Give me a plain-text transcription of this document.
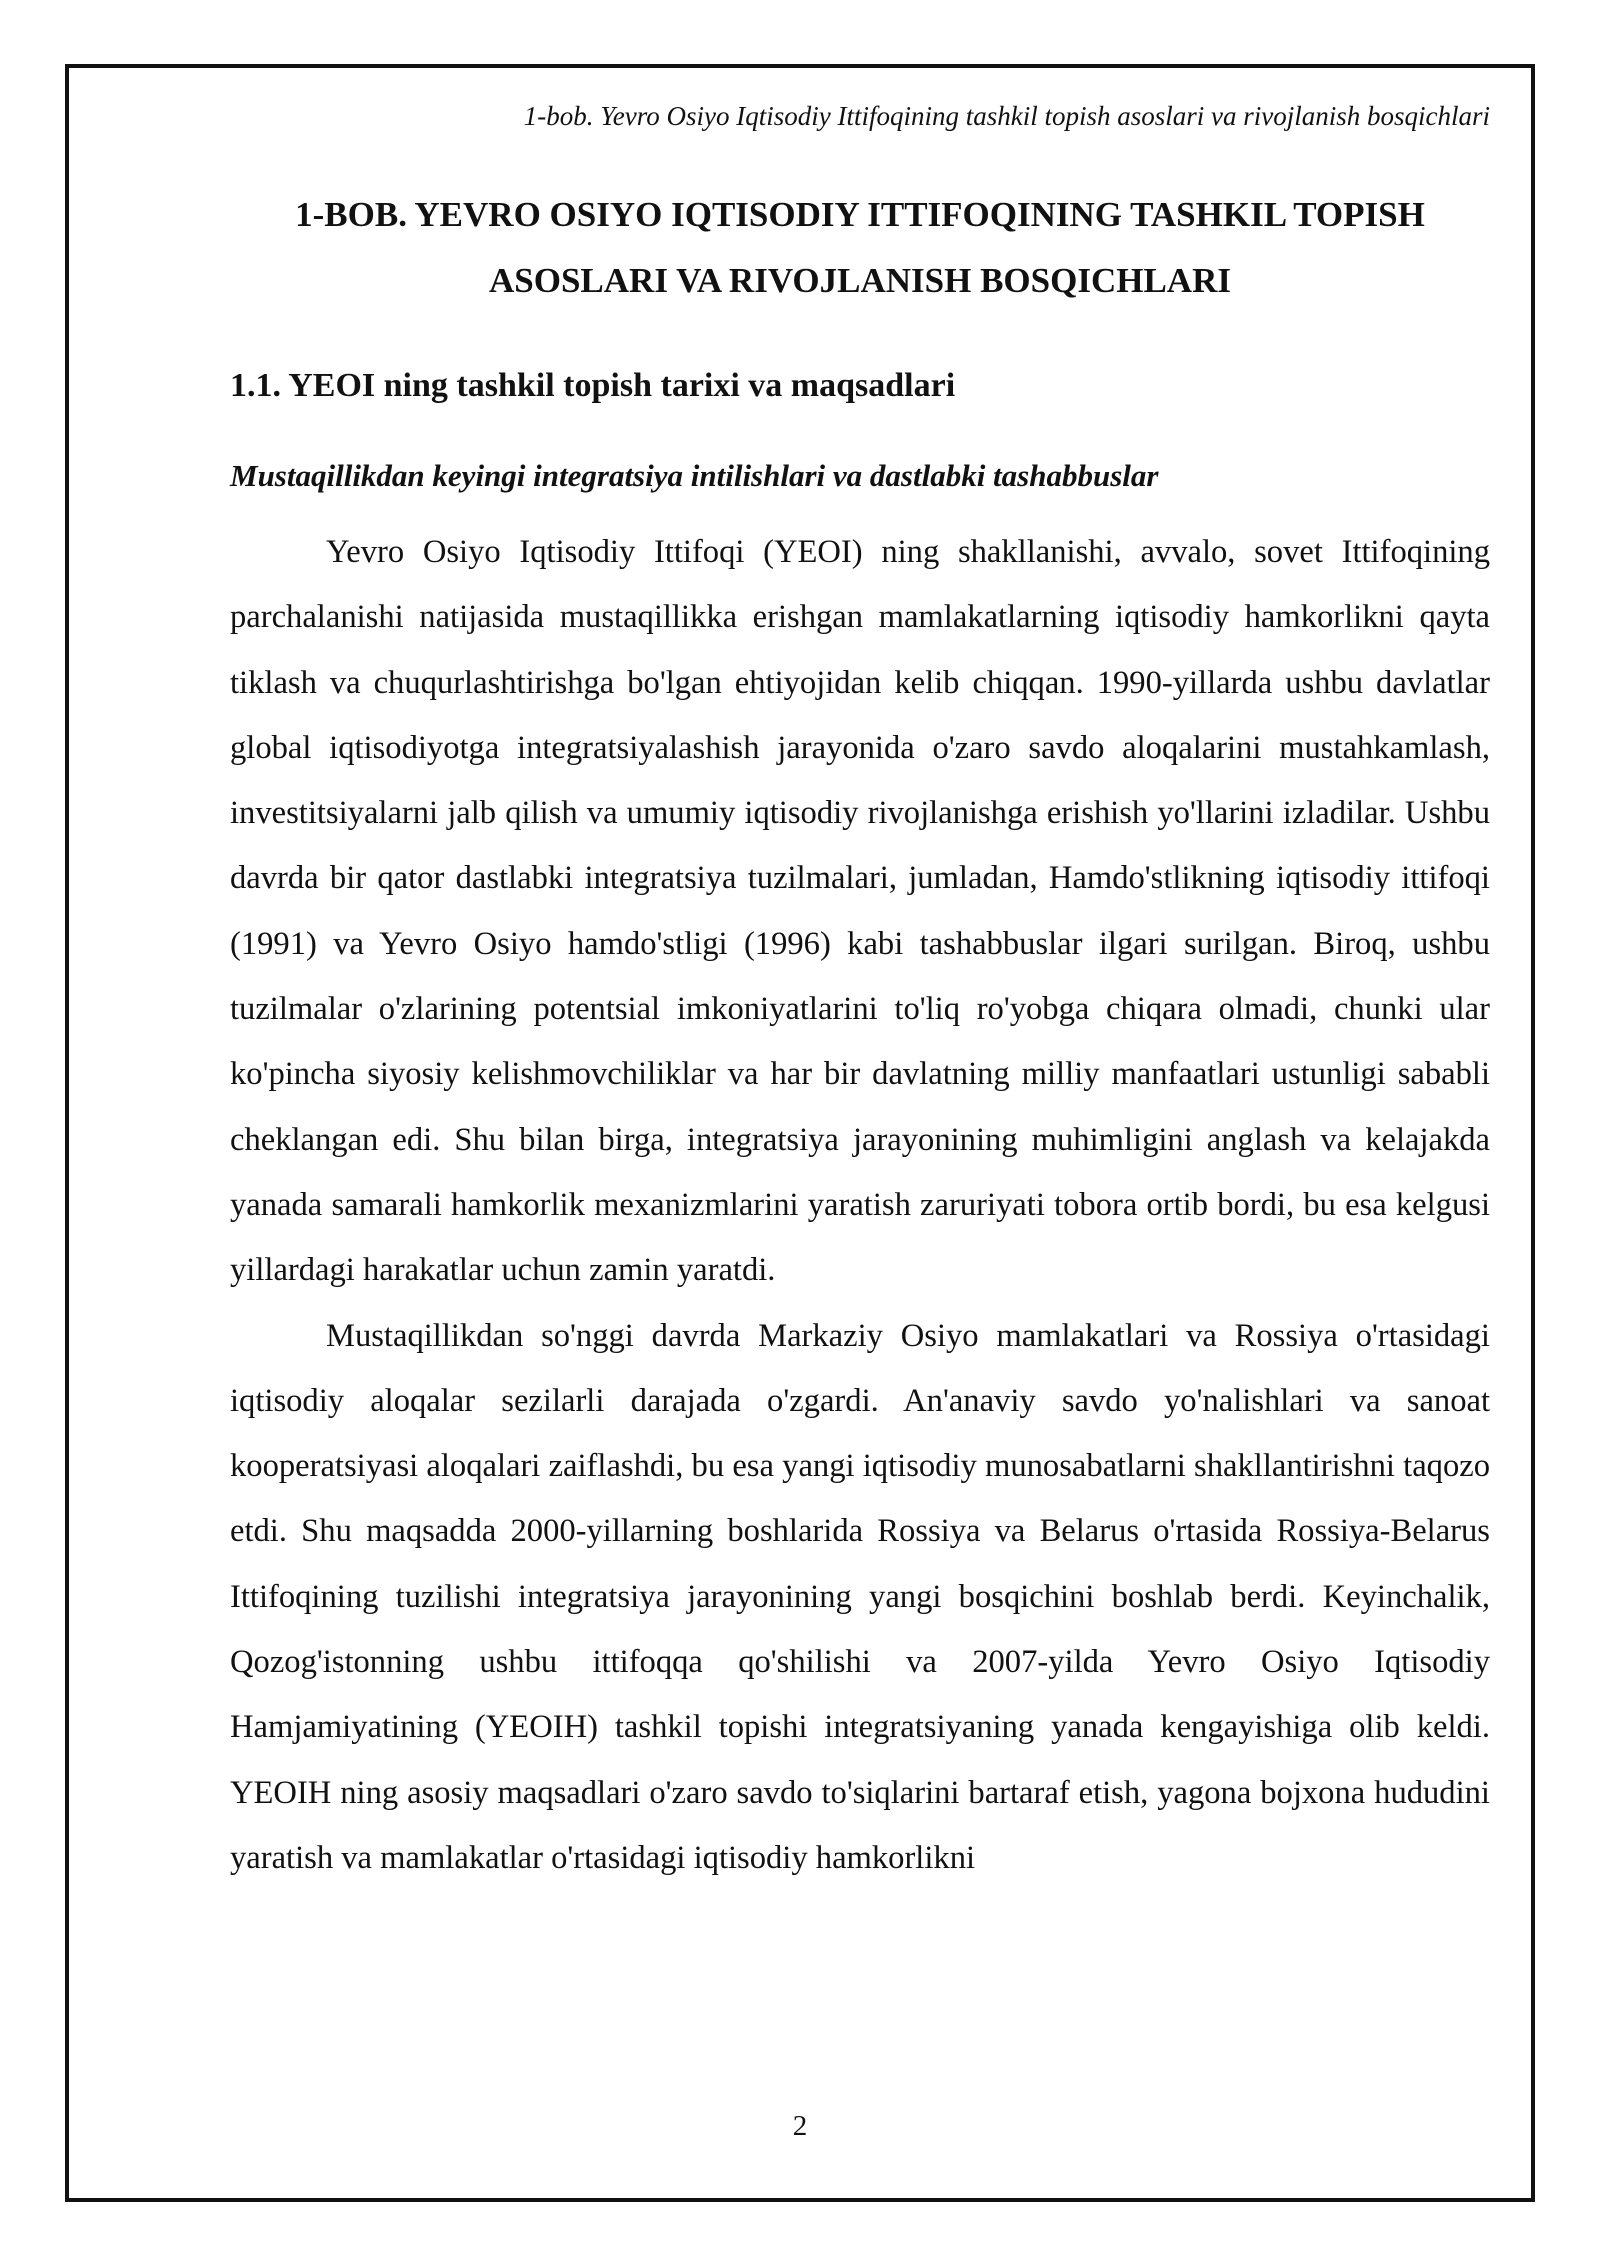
1-bob. Yevro Osiyo Iqtisodiy Ittifoqining tashkil topish asoslari va rivojlanish bosqichlari
1-BOB. YEVRO OSIYO IQTISODIY ITTIFOQINING TASHKIL TOPISH
ASOSLARI VA RIVOJLANISH BOSQICHLARI
1.1. YEOI ning tashkil topish tarixi va maqsadlari
Mustaqillikdan keyingi integratsiya intilishlari va dastlabki tashabbuslar

Yevro Osiyo Iqtisodiy Ittifoqi (YEOI) ning shakllanishi, avvalo, sovet Ittifoqining parchalanishi natijasida mustaqillikka erishgan mamlakatlarning iqtisodiy hamkorlikni qayta tiklash va chuqurlashtirishga bo'lgan ehtiyojidan kelib chiqqan. 1990-yillarda ushbu davlatlar global iqtisodiyotga integratsiyalashish jarayonida o'zaro savdo aloqalarini mustahkamlash, investitsiyalarni jalb qilish va umumiy iqtisodiy rivojlanishga erishish yo'llarini izladilar. Ushbu davrda bir qator dastlabki integratsiya tuzilmalari, jumladan, Hamdo'stlikning iqtisodiy ittifoqi (1991) va Yevro Osiyo hamdo'stligi (1996) kabi tashabbuslar ilgari surilgan. Biroq, ushbu tuzilmalar o'zlarining potentsial imkoniyatlarini to'liq ro'yobga chiqara olmadi, chunki ular ko'pincha siyosiy kelishmovchiliklar va har bir davlatning milliy manfaatlari ustunligi sababli cheklangan edi. Shu bilan birga, integratsiya jarayonining muhimligini anglash va kelajakda yanada samarali hamkorlik mexanizmlarini yaratish zaruriyati tobora ortib bordi, bu esa kelgusi yillardagi harakatlar uchun zamin yaratdi.

Mustaqillikdan so'nggi davrda Markaziy Osiyo mamlakatlari va Rossiya o'rtasidagi iqtisodiy aloqalar sezilarli darajada o'zgardi. An'anaviy savdo yo'nalishlari va sanoat kooperatsiyasi aloqalari zaiflashdi, bu esa yangi iqtisodiy munosabatlarni shakllantirishni taqozo etdi. Shu maqsadda 2000-yillarning boshlarida Rossiya va Belarus o'rtasida Rossiya-Belarus Ittifoqining tuzilishi integratsiya jarayonining yangi bosqichini boshlab berdi. Keyinchalik, Qozog'istonning ushbu ittifoqqa qo'shilishi va 2007-yilda Yevro Osiyo Iqtisodiy Hamjamiyatining (YEOIH) tashkil topishi integratsiyaning yanada kengayishiga olib keldi. YEOIH ning asosiy maqsadlari o'zaro savdo to'siqlarini bartaraf etish, yagona bojxona hududini yaratish va mamlakatlar o'rtasidagi iqtisodiy hamkorlikni

2
